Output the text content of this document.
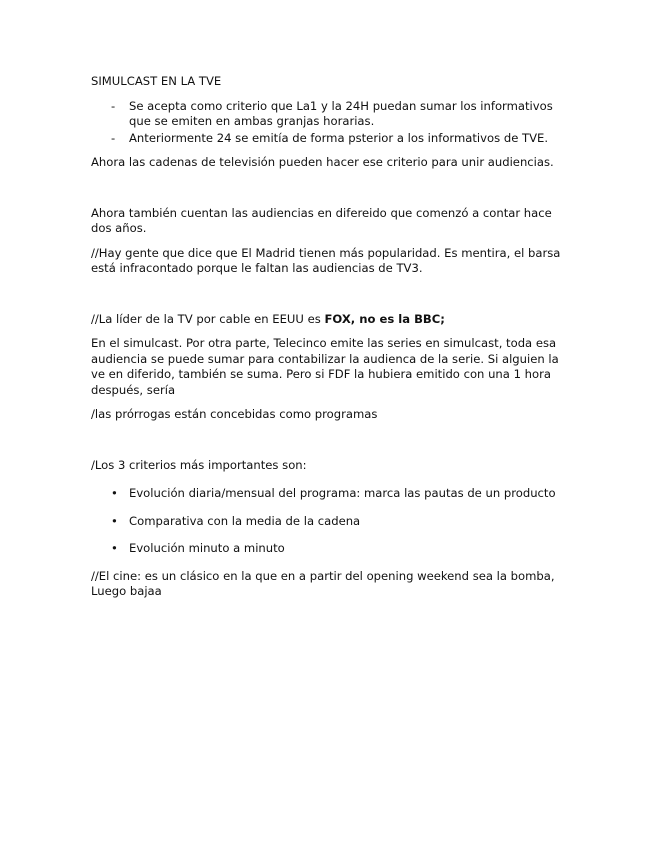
SIMULCAST EN LA TVE

- Se acepta como criterio que La1 y la 24H puedan sumar los informativos que se emiten en ambas granjas horarias.
- Anteriormente 24 se emitía de forma psterior a los informativos de TVE.

Ahora las cadenas de televisión pueden hacer ese criterio para unir audiencias.

Ahora también cuentan las audiencias en difereido que comenzó a contar hace dos años.

//Hay gente que dice que El Madrid tienen más popularidad. Es mentira, el barsa está infracontado porque le faltan las audiencias de TV3.

//La líder de la TV por cable en EEUU es FOX, no es la BBC;

En el simulcast. Por otra parte, Telecinco emite las series en simulcast, toda esa audiencia se puede sumar para contabilizar la audienca de la serie. Si alguien la ve en diferido, también se suma. Pero si FDF la hubiera emitido con una 1 hora después, sería

/las prórrogas están concebidas como programas

/Los 3 criterios más importantes son:

• Evolución diaria/mensual del programa: marca las pautas de un producto
• Comparativa con la media de la cadena
• Evolución minuto a minuto

//El cine: es un clásico en la que en a partir del opening weekend sea la bomba, Luego bajaa
